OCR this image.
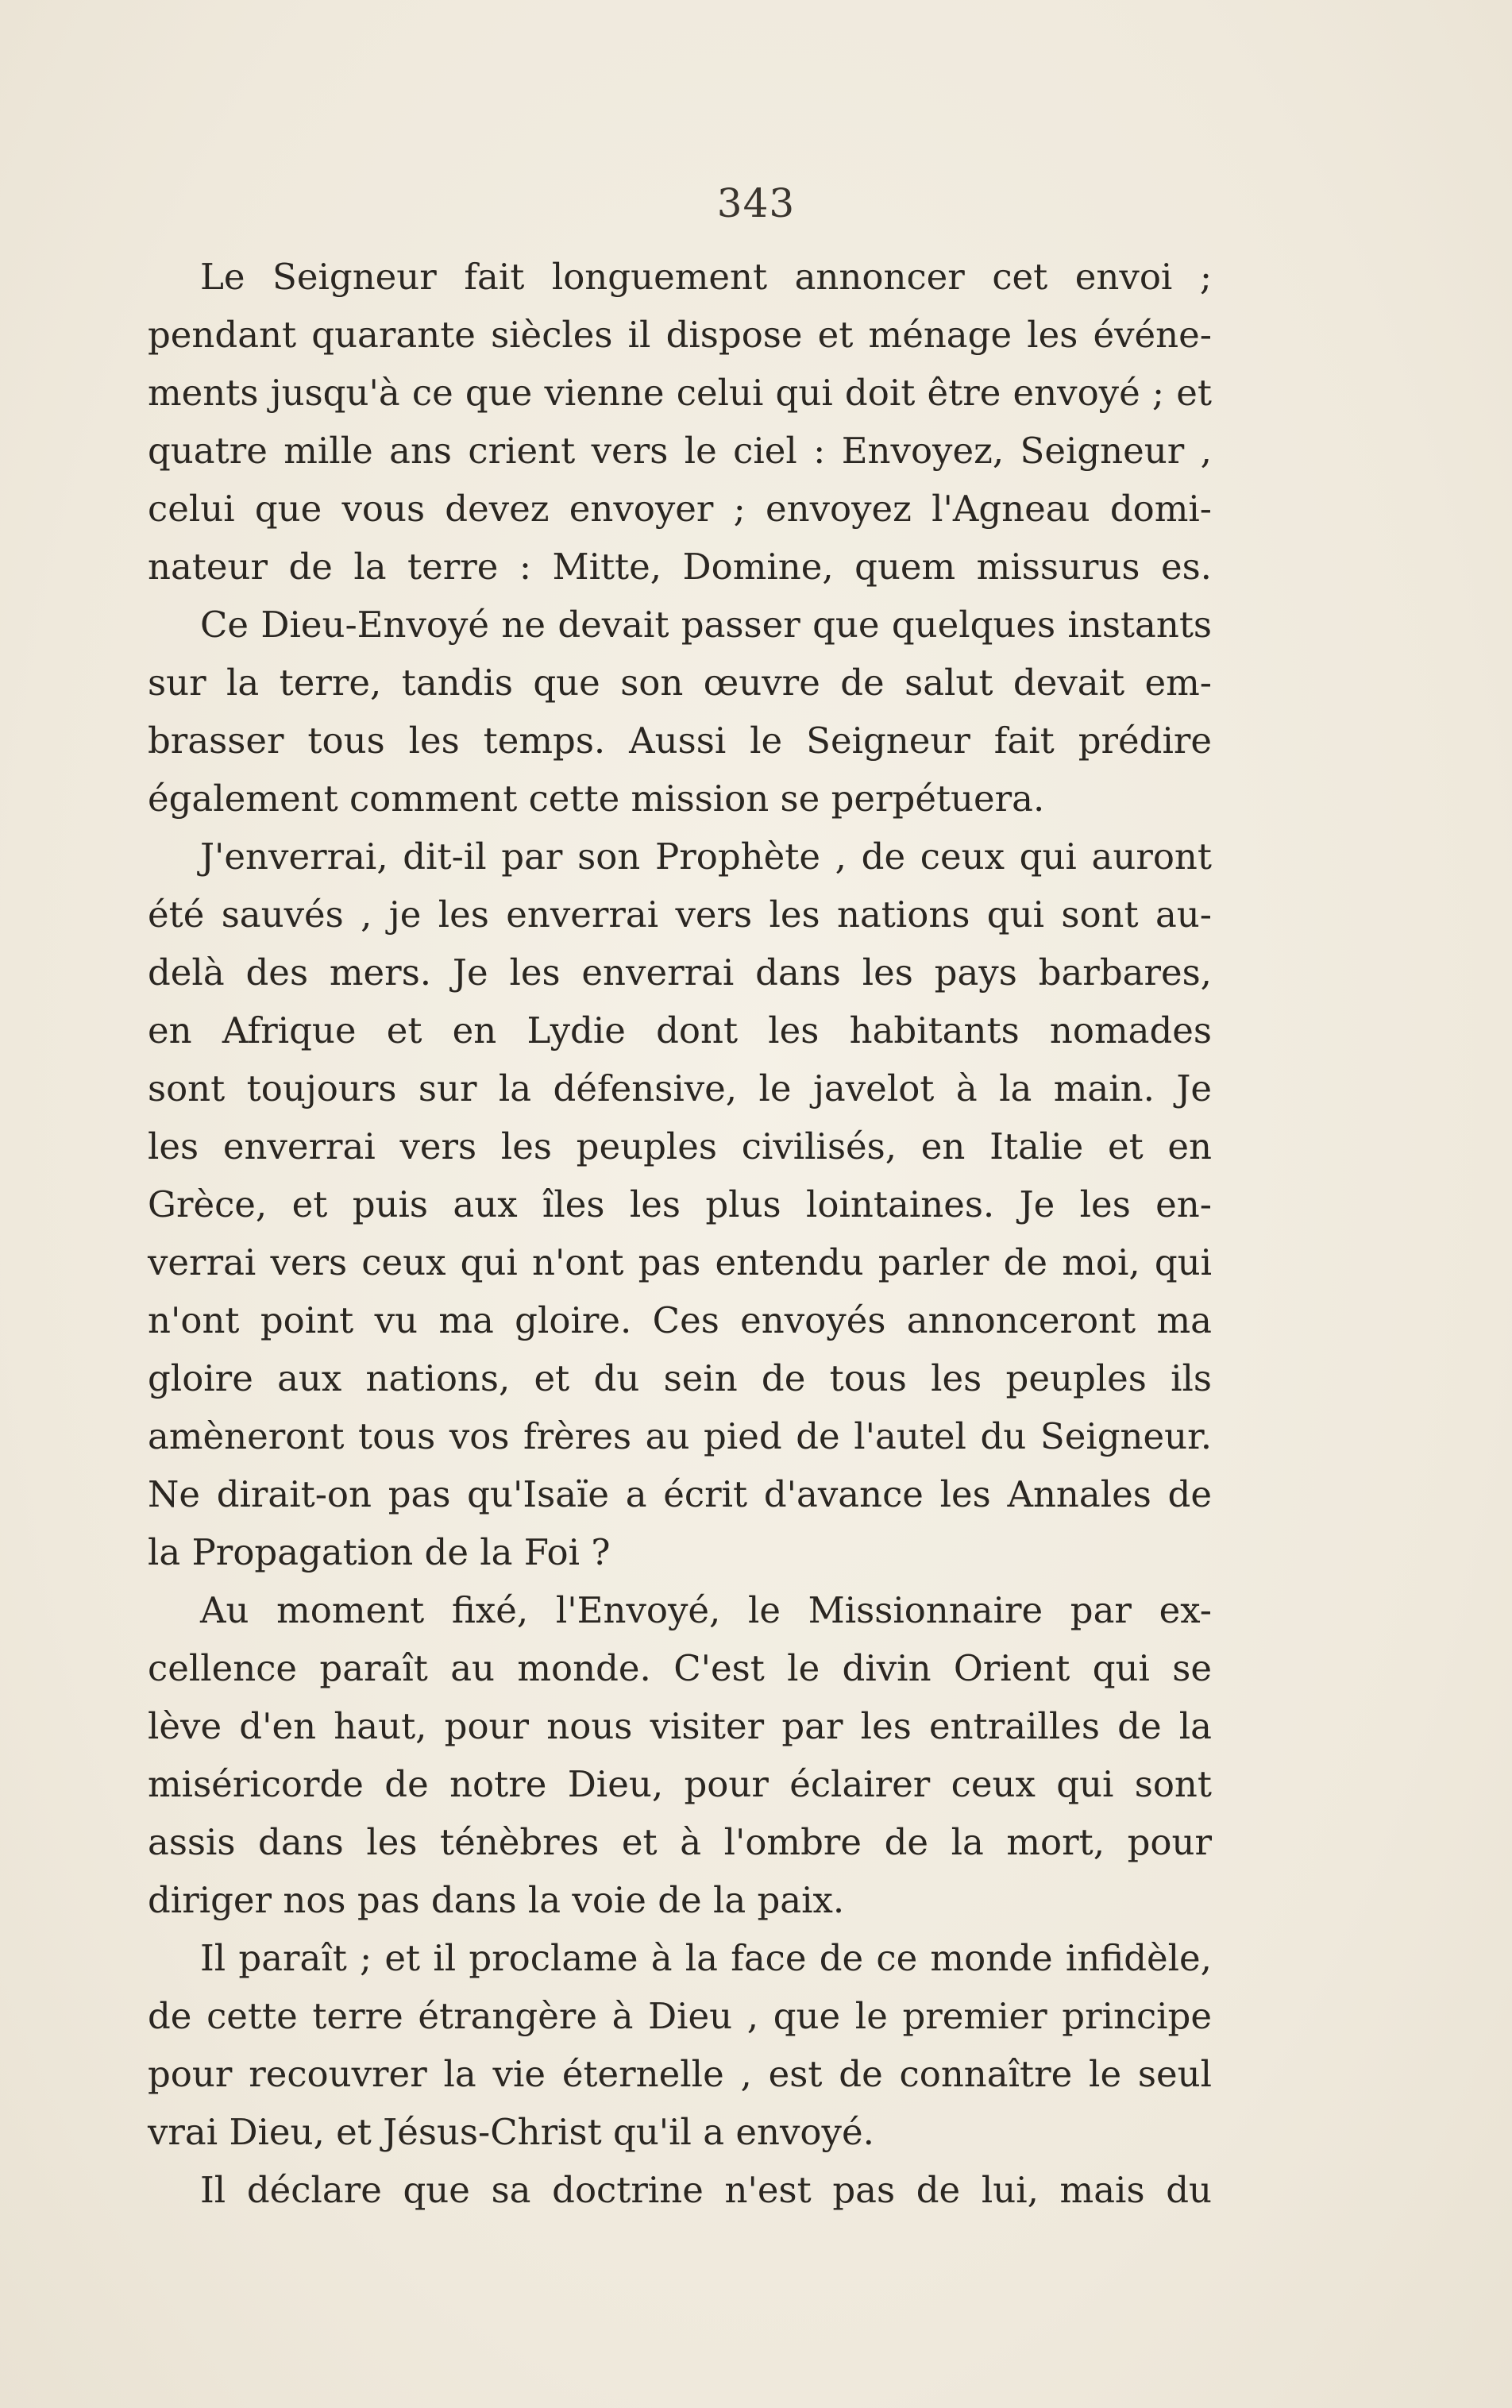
343
Le Seigneur fait longuement annoncer cet envoi ;
pendant quarante siècles il dispose et ménage les événe-
ments jusqu'à ce que vienne celui qui doit être envoyé ; et
quatre mille ans crient vers le ciel : Envoyez, Seigneur ,
celui que vous devez envoyer ; envoyez l'Agneau domi-
nateur de la terre : Mitte, Domine, quem missurus es.
Ce Dieu-Envoyé ne devait passer que quelques instants
sur la terre, tandis que son œuvre de salut devait em-
brasser tous les temps. Aussi le Seigneur fait prédire
également comment cette mission se perpétuera.
J'enverrai, dit-il par son Prophète , de ceux qui auront
été sauvés , je les enverrai vers les nations qui sont au-
delà des mers. Je les enverrai dans les pays barbares,
en Afrique et en Lydie dont les habitants nomades
sont toujours sur la défensive, le javelot à la main. Je
les enverrai vers les peuples civilisés, en Italie et en
Grèce, et puis aux îles les plus lointaines. Je les en-
verrai vers ceux qui n'ont pas entendu parler de moi, qui
n'ont point vu ma gloire. Ces envoyés annonceront ma
gloire aux nations, et du sein de tous les peuples ils
amèneront tous vos frères au pied de l'autel du Seigneur.
Ne dirait-on pas qu'Isaïe a écrit d'avance les Annales de
la Propagation de la Foi ?
Au moment fixé, l'Envoyé, le Missionnaire par ex-
cellence paraît au monde. C'est le divin Orient qui se
lève d'en haut, pour nous visiter par les entrailles de la
miséricorde de notre Dieu, pour éclairer ceux qui sont
assis dans les ténèbres et à l'ombre de la mort, pour
diriger nos pas dans la voie de la paix.
Il paraît ; et il proclame à la face de ce monde infidèle,
de cette terre étrangère à Dieu , que le premier principe
pour recouvrer la vie éternelle , est de connaître le seul
vrai Dieu, et Jésus-Christ qu'il a envoyé.
Il déclare que sa doctrine n'est pas de lui, mais du
